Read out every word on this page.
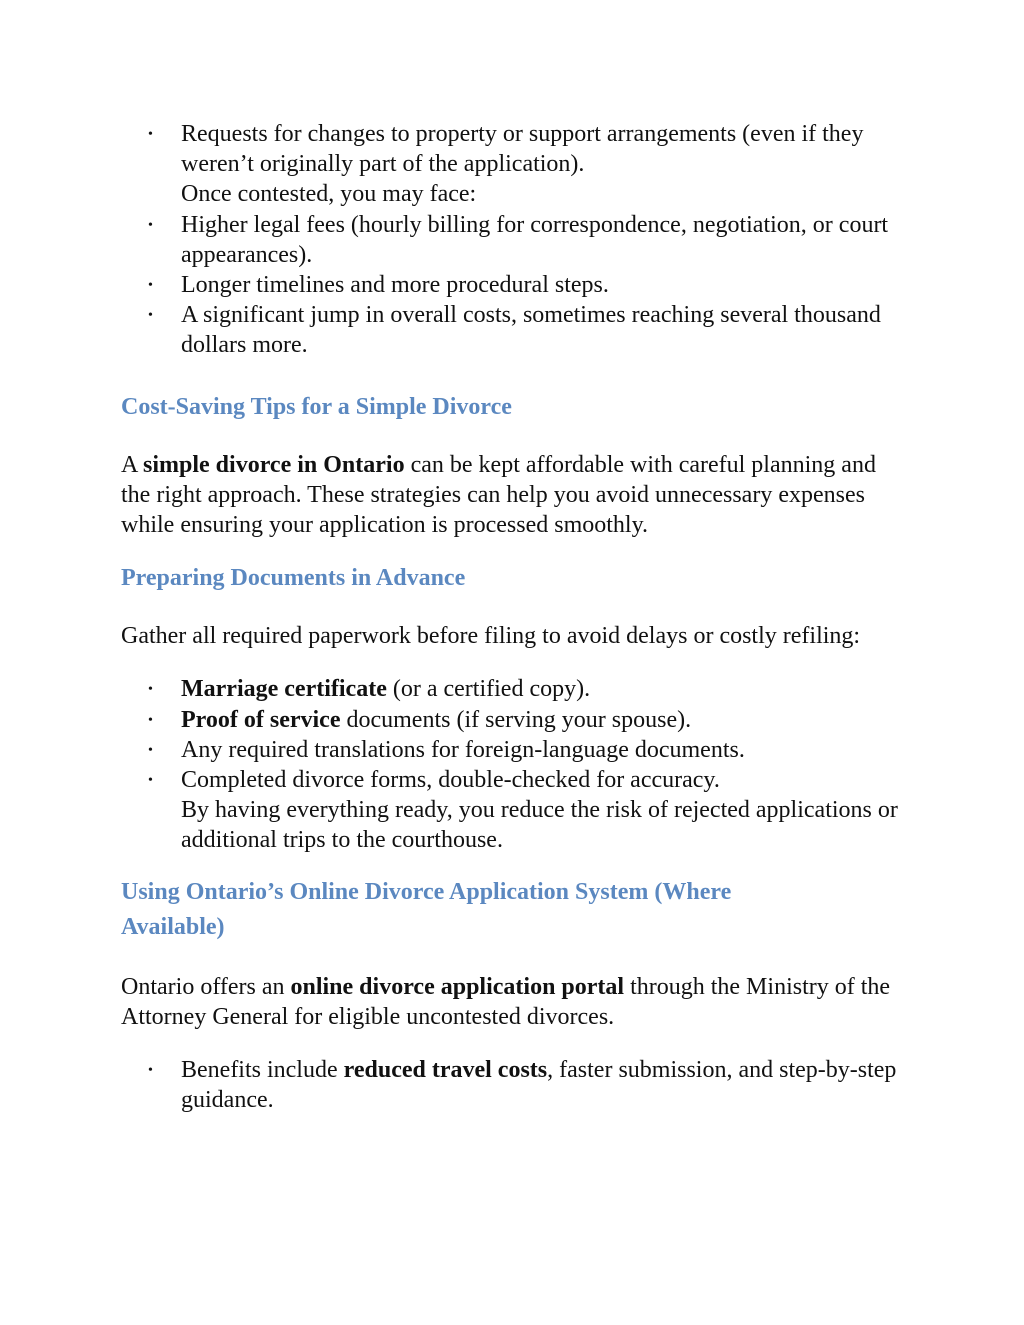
• Requests for changes to property or support arrangements (even if they weren’t originally part of the application).
Once contested, you may face:
• Higher legal fees (hourly billing for correspondence, negotiation, or court appearances).
• Longer timelines and more procedural steps.
• A significant jump in overall costs, sometimes reaching several thousand dollars more.
Cost-Saving Tips for a Simple Divorce

A simple divorce in Ontario can be kept affordable with careful planning and the right approach. These strategies can help you avoid unnecessary expenses while ensuring your application is processed smoothly.

Preparing Documents in Advance

Gather all required paperwork before filing to avoid delays or costly refiling:

• Marriage certificate (or a certified copy).
• Proof of service documents (if serving your spouse).
• Any required translations for foreign-language documents.
• Completed divorce forms, double-checked for accuracy.
By having everything ready, you reduce the risk of rejected applications or additional trips to the courthouse.
Using Ontario’s Online Divorce Application System (Where Available)

Ontario offers an online divorce application portal through the Ministry of the Attorney General for eligible uncontested divorces.

• Benefits include reduced travel costs, faster submission, and step-by-step guidance.
